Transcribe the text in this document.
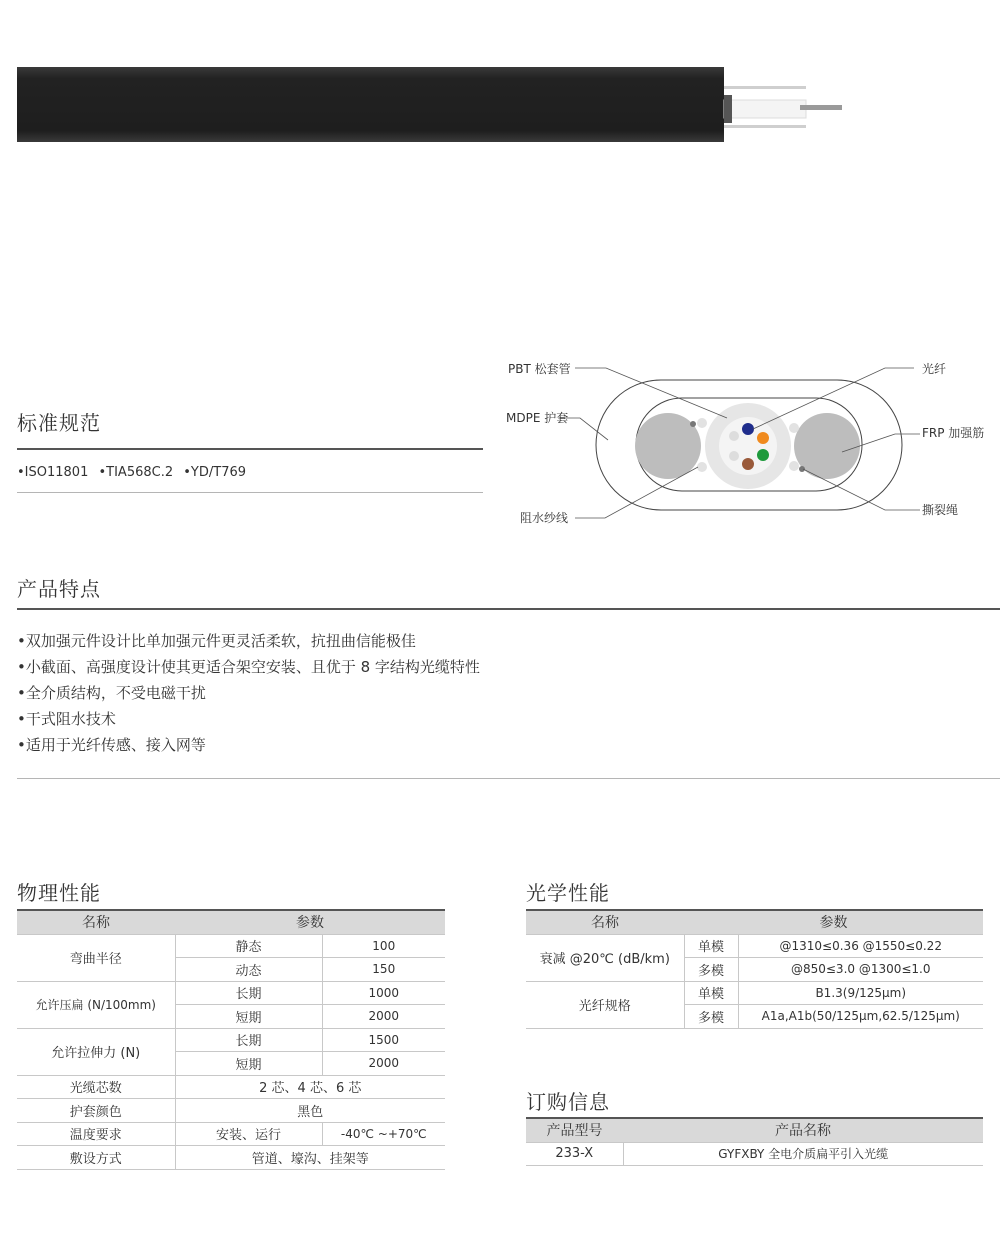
标准规范
•ISO11801 •TIA568C.2 •YD/T769
PBT 松套管
MDPE 护套
光纤
FRP 加强筋
阻水纱线
撕裂绳
产品特点
•双加强元件设计比单加强元件更灵活柔软，抗扭曲信能极佳
•小截面、高强度设计使其更适合架空安装、且优于 8 字结构光缆特性
•全介质结构，不受电磁干扰
•干式阻水技术
•适用于光纤传感、接入网等
物理性能
名称	参数	
弯曲半径	静态	100
	动态	150
允许压扁 (N/100mm)	长期	1000
	短期	2000
允许拉伸力 (N)	长期	1500
	短期	2000
光缆芯数	2 芯、4 芯、6 芯	
护套颜色	黑色	
温度要求	安装、运行	-40℃ ~+70℃
敷设方式	管道、壕沟、挂架等	
光学性能
名称	参数	
衰减 @20℃ (dB/km)	单模	@1310≤0.36 @1550≤0.22
	多模	@850≤3.0 @1300≤1.0
光纤规格	单模	B1.3(9/125μm)
	多模	A1a,A1b(50/125μm,62.5/125μm)
订购信息
产品型号	产品名称
233-X	GYFXBY 全电介质扁平引入光缆
